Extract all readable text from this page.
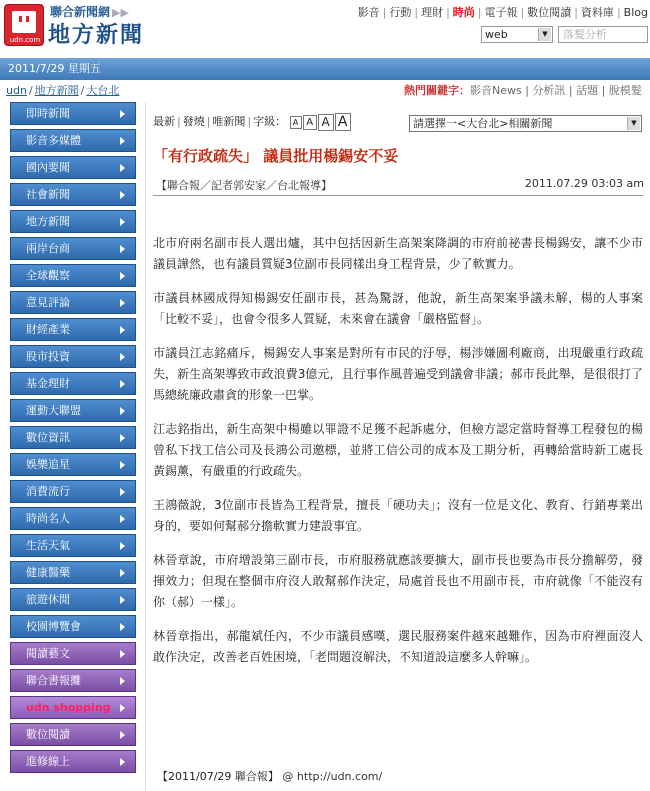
udn.com
聯合新聞網 ▶▶
地方新聞
影音 | 行動 | 理財 | 時尚 | 電子報 | 數位閱讀 | 資料庫 | Blog
web	▼	落髮分析
2011/7/29 星期五
udn / 地方新聞 / 大台北	熱門關鍵字：影音News | 分析訊 | 話題 | 脫模髮
即時新聞
影音多媒體
國內要聞
社會新聞
地方新聞
兩岸台商
全球觀察
意見評論
財經產業
股市投資
基金理財
運動大聯盟
數位資訊
娛樂追星
消費流行
時尚名人
生活天氣
健康醫藥
旅遊休閒
校園博覽會
閱讀藝文
聯合書報攤
udn shopping
數位閱讀
進修線上
最新 | 發燒 | 唯新聞 | 字級： A A A A	請選擇一<大台北>相關新聞	▼
「有行政疏失」 議員批用楊錫安不妥
【聯合報／記者郭安家／台北報導】	2011.07.29 03:03 am

北市府兩名副市長人選出爐，其中包括因新生高架案降調的市府前祕書長楊錫安，讓不少市議員譁然，也有議員質疑3位副市長同樣出身工程背景，少了軟實力。

市議員林國成得知楊錫安任副市長，甚為驚訝，他說，新生高架案爭議未解，楊的人事案「比較不妥」，也會令很多人質疑，未來會在議會「嚴格監督」。

市議員江志銘痛斥，楊錫安人事案是對所有市民的汙辱，楊涉嫌圖利廠商，出現嚴重行政疏失，新生高架導致市政浪費3億元，且行事作風普遍受到議會非議；郝市長此舉，是很很打了馬總統廉政肅貪的形象一巴掌。

江志銘指出，新生高架中楊雖以罪證不足獲不起訴處分，但檢方認定當時督導工程發包的楊曾私下找工信公司及長鴻公司邀標，並將工信公司的成本及工期分析，再轉給當時新工處長黃錫薰，有嚴重的行政疏失。

王鴻薇說，3位副市長皆為工程背景，擅長「硬功夫」；沒有一位是文化、教育、行銷專業出身的，要如何幫郝分擔軟實力建設事宜。

林晉章說，市府增設第三副市長，市府服務就應該要擴大，副市長也要為市長分擔解勞，發揮效力；但現在整個市府沒人敢幫郝作決定，局處首長也不用副市長，市府就像「不能沒有你（郝）一樣」。

林晉章指出，郝龍斌任內，不少市議員感嘆，選民服務案件越來越難作，因為市府裡面沒人敢作決定，改善老百姓困境，「老問題沒解決，不知道設這麼多人幹嘛」。

【2011/07/29 聯合報】 @ http://udn.com/
